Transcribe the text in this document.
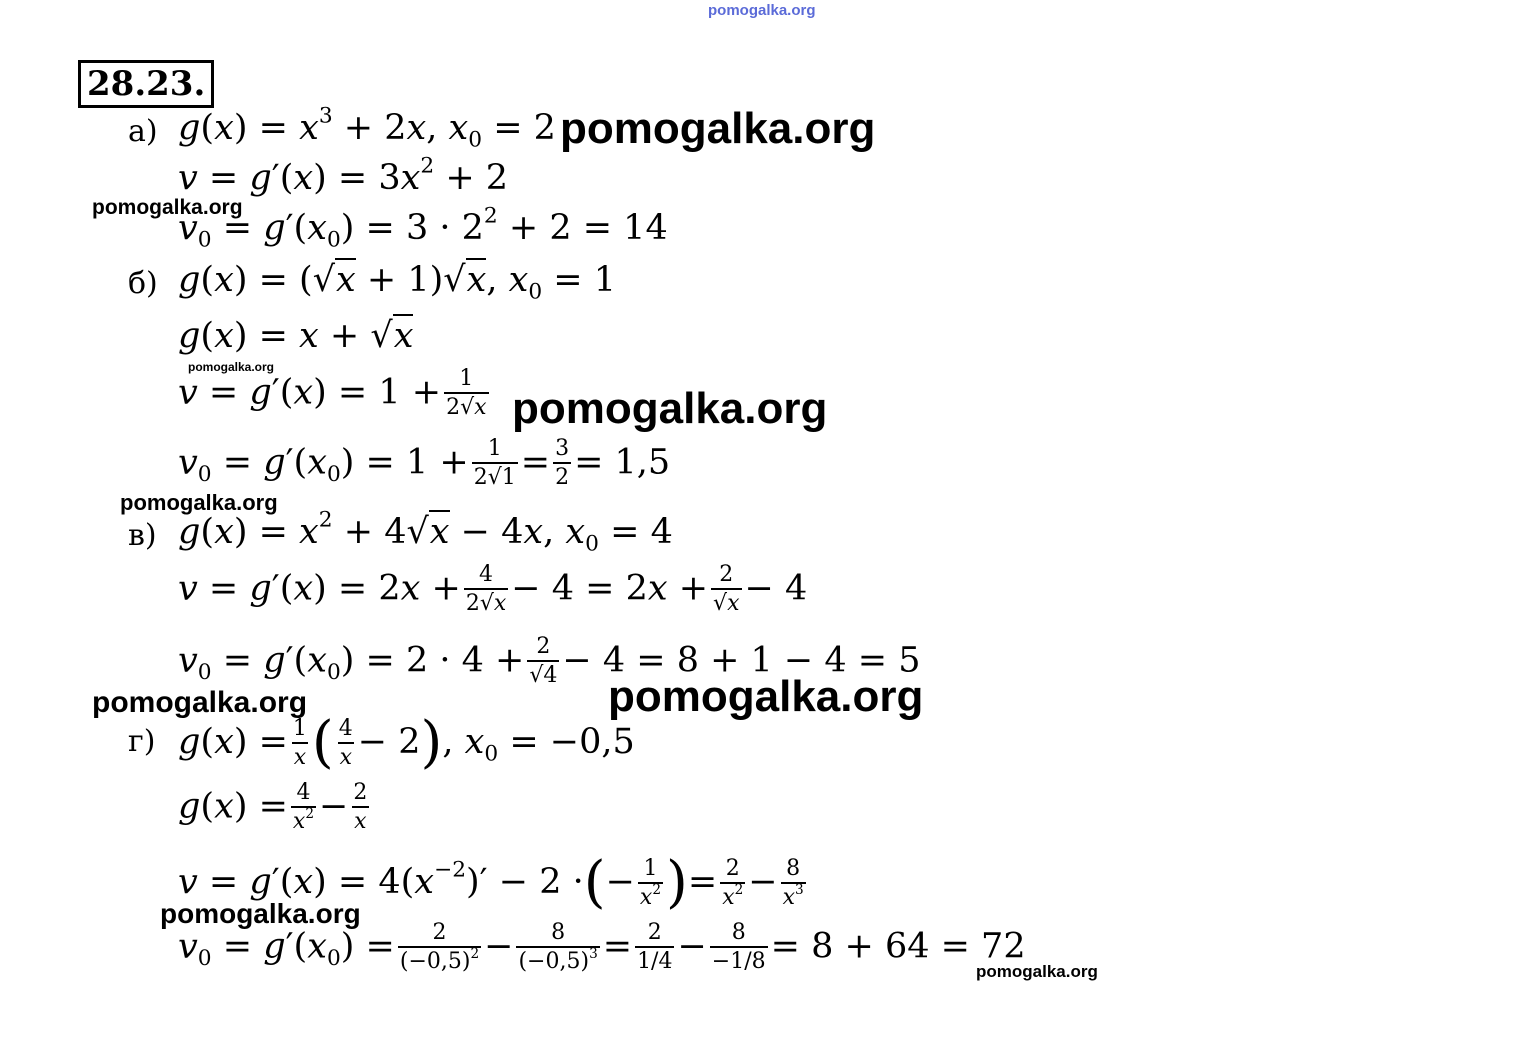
pomogalka.org
28.23.
а)
б)
в)
г)
$g(x) = x^3 + 2x$, $x_0 = 2$
$v = g'(x) = 3x^2 + 2$
$v_0 = g'(x_0) = 3 \cdot 2^2 + 2 = 14$
g(x) = (√x + 1)√x, $x_0 = 1$
g(x) = x + √x
$v = g'(x) = 1 + \frac{1}{2√x}$
$v_0 = g'(x_0) = 1 + \frac{1}{2√1} = \frac{3}{2} = 1,5$
$g(x) = x^2 + 4√x - 4x$, $x_0 = 4$
$v = g'(x) = 2x + \frac{4}{2√x} - 4 = 2x + \frac{2}{√x} - 4$
$v_0 = g'(x_0) = 2 \cdot 4 + \frac{2}{√4} - 4 = 8 + 1 - 4 = 5$
$g(x) = \frac{1}{x}$ ( $\frac{4}{x} - 2$), $x_0 = -0,5$
$g(x) = \frac{4}{x^2} - \frac{2}{x}$
$v = g'(x) = 4(x^{-2})' - 2$ ·(− $\frac{1}{x^2}$ )= $\frac{2}{x^2} - \frac{8}{x^3}$
$v_0 = g'(x_0) = \frac{2}{(-0,5)^2} - \frac{8}{(-0,5)^3} = \frac{2}{1/4} - \frac{8}{-1/8} = 8 + 64 = 72$
pomogalka.org
pomogalka.org
pomogalka.org
pomogalka.org
pomogalka.org
pomogalka.org
pomogalka.org
pomogalka.org
pomogalka.org
